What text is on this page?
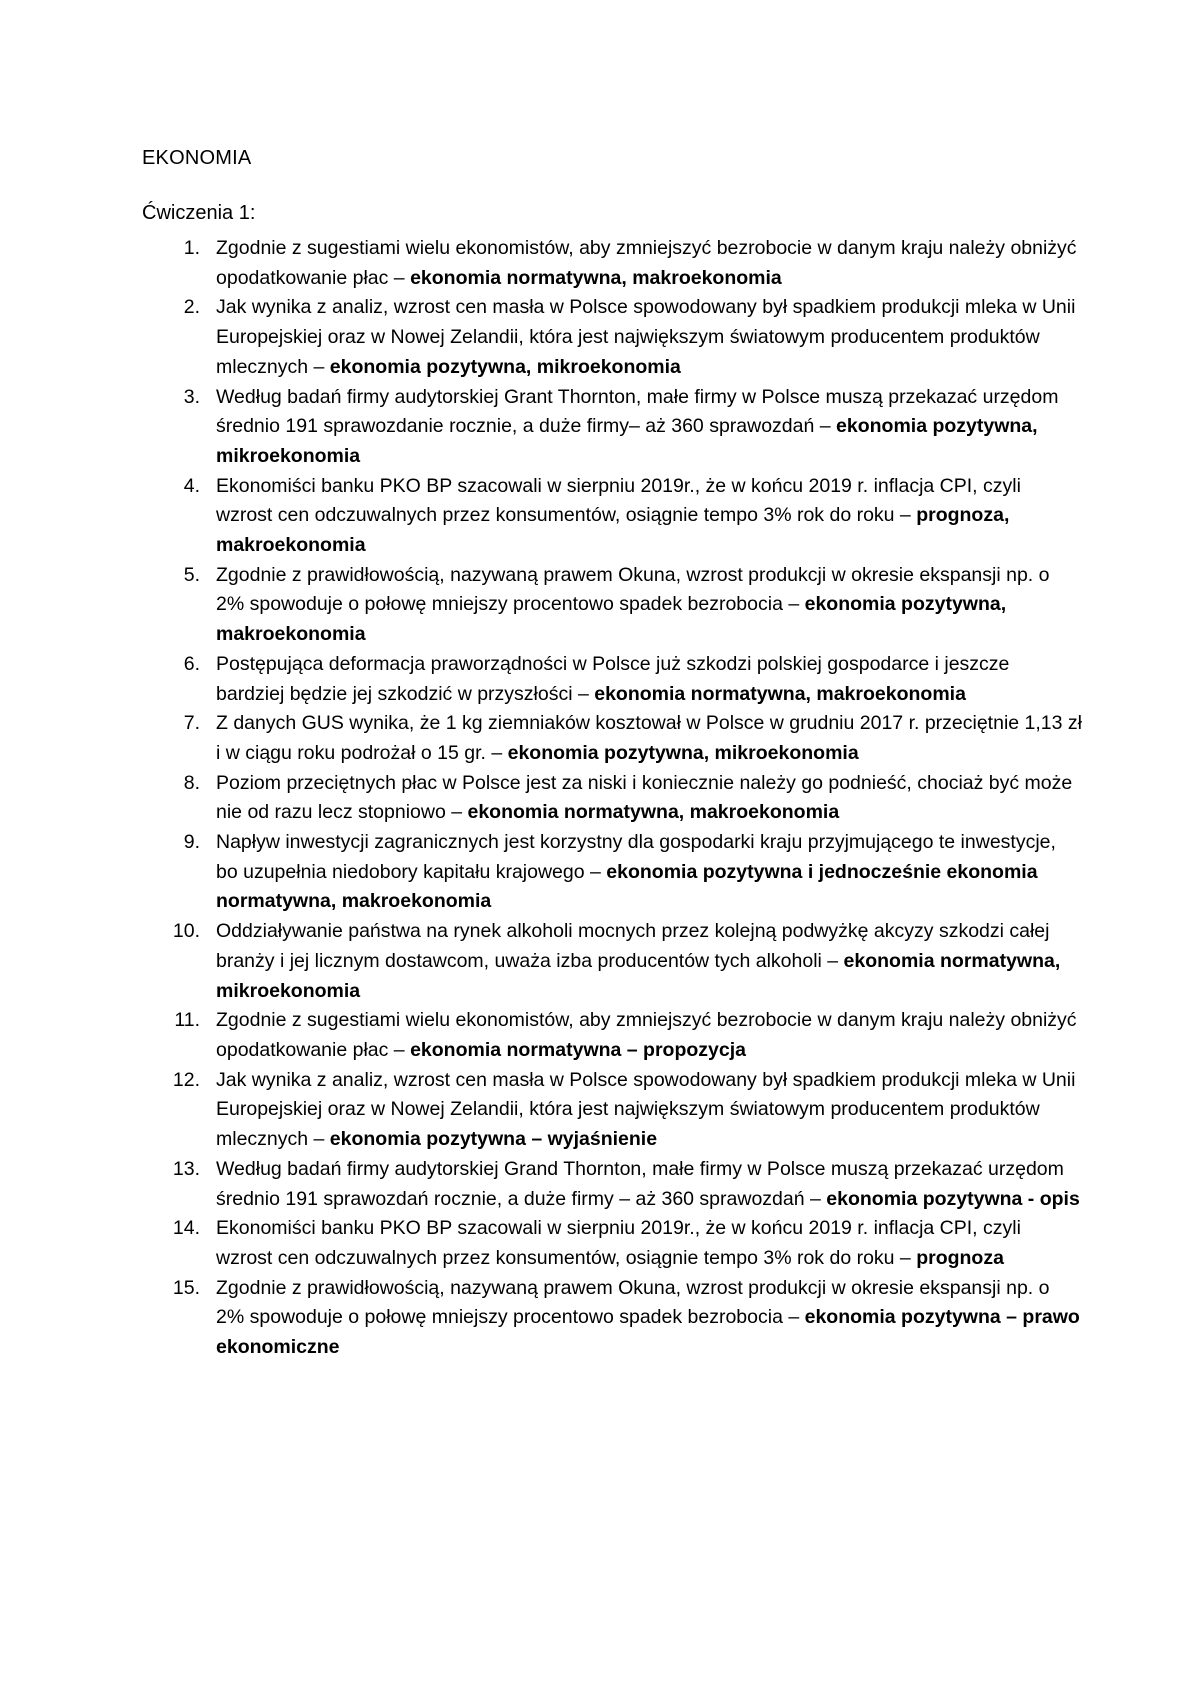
EKONOMIA
Ćwiczenia 1:
1. Zgodnie z sugestiami wielu ekonomistów, aby zmniejszyć bezrobocie w danym kraju należy obniżyć opodatkowanie płac – ekonomia normatywna, makroekonomia
2. Jak wynika z analiz, wzrost cen masła w Polsce spowodowany był spadkiem produkcji mleka w Unii Europejskiej oraz w Nowej Zelandii, która jest największym światowym producentem produktów mlecznych – ekonomia pozytywna, mikroekonomia
3. Według badań firmy audytorskiej Grant Thornton, małe firmy w Polsce muszą przekazać urzędom średnio 191 sprawozdanie rocznie, a duże firmy– aż 360 sprawozdań – ekonomia pozytywna, mikroekonomia
4. Ekonomiści banku PKO BP szacowali w sierpniu 2019r., że w końcu 2019 r. inflacja CPI, czyli wzrost cen odczuwalnych przez konsumentów, osiągnie tempo 3% rok do roku – prognoza, makroekonomia
5. Zgodnie z prawidłowością, nazywaną prawem Okuna, wzrost produkcji w okresie ekspansji np. o 2% spowoduje o połowę mniejszy procentowo spadek bezrobocia – ekonomia pozytywna, makroekonomia
6. Postępująca deformacja praworządności w Polsce już szkodzi polskiej gospodarce i jeszcze bardziej będzie jej szkodzić w przyszłości – ekonomia normatywna, makroekonomia
7. Z danych GUS wynika, że 1 kg ziemniaków kosztował w Polsce w grudniu 2017 r. przeciętnie 1,13 zł i w ciągu roku podrożał o 15 gr. – ekonomia pozytywna, mikroekonomia
8. Poziom przeciętnych płac w Polsce jest za niski i koniecznie należy go podnieść, chociaż być może nie od razu lecz stopniowo – ekonomia normatywna, makroekonomia
9. Napływ inwestycji zagranicznych jest korzystny dla gospodarki kraju przyjmującego te inwestycje, bo uzupełnia niedobory kapitału krajowego – ekonomia pozytywna i jednocześnie ekonomia normatywna, makroekonomia
10. Oddziaływanie państwa na rynek alkoholi mocnych przez kolejną podwyżkę akcyzy szkodzi całej branży i jej licznym dostawcom, uważa izba producentów tych alkoholi – ekonomia normatywna, mikroekonomia
11. Zgodnie z sugestiami wielu ekonomistów, aby zmniejszyć bezrobocie w danym kraju należy obniżyć opodatkowanie płac – ekonomia normatywna – propozycja
12. Jak wynika z analiz, wzrost cen masła w Polsce spowodowany był spadkiem produkcji mleka w Unii Europejskiej oraz w Nowej Zelandii, która jest największym światowym producentem produktów mlecznych – ekonomia pozytywna – wyjaśnienie
13. Według badań firmy audytorskiej Grand Thornton, małe firmy w Polsce muszą przekazać urzędom średnio 191 sprawozdań rocznie, a duże firmy – aż 360 sprawozdań – ekonomia pozytywna - opis
14. Ekonomiści banku PKO BP szacowali w sierpniu 2019r., że w końcu 2019 r. inflacja CPI, czyli wzrost cen odczuwalnych przez konsumentów, osiągnie tempo 3% rok do roku – prognoza
15. Zgodnie z prawidłowością, nazywaną prawem Okuna, wzrost produkcji w okresie ekspansji np. o 2% spowoduje o połowę mniejszy procentowo spadek bezrobocia – ekonomia pozytywna – prawo ekonomiczne
